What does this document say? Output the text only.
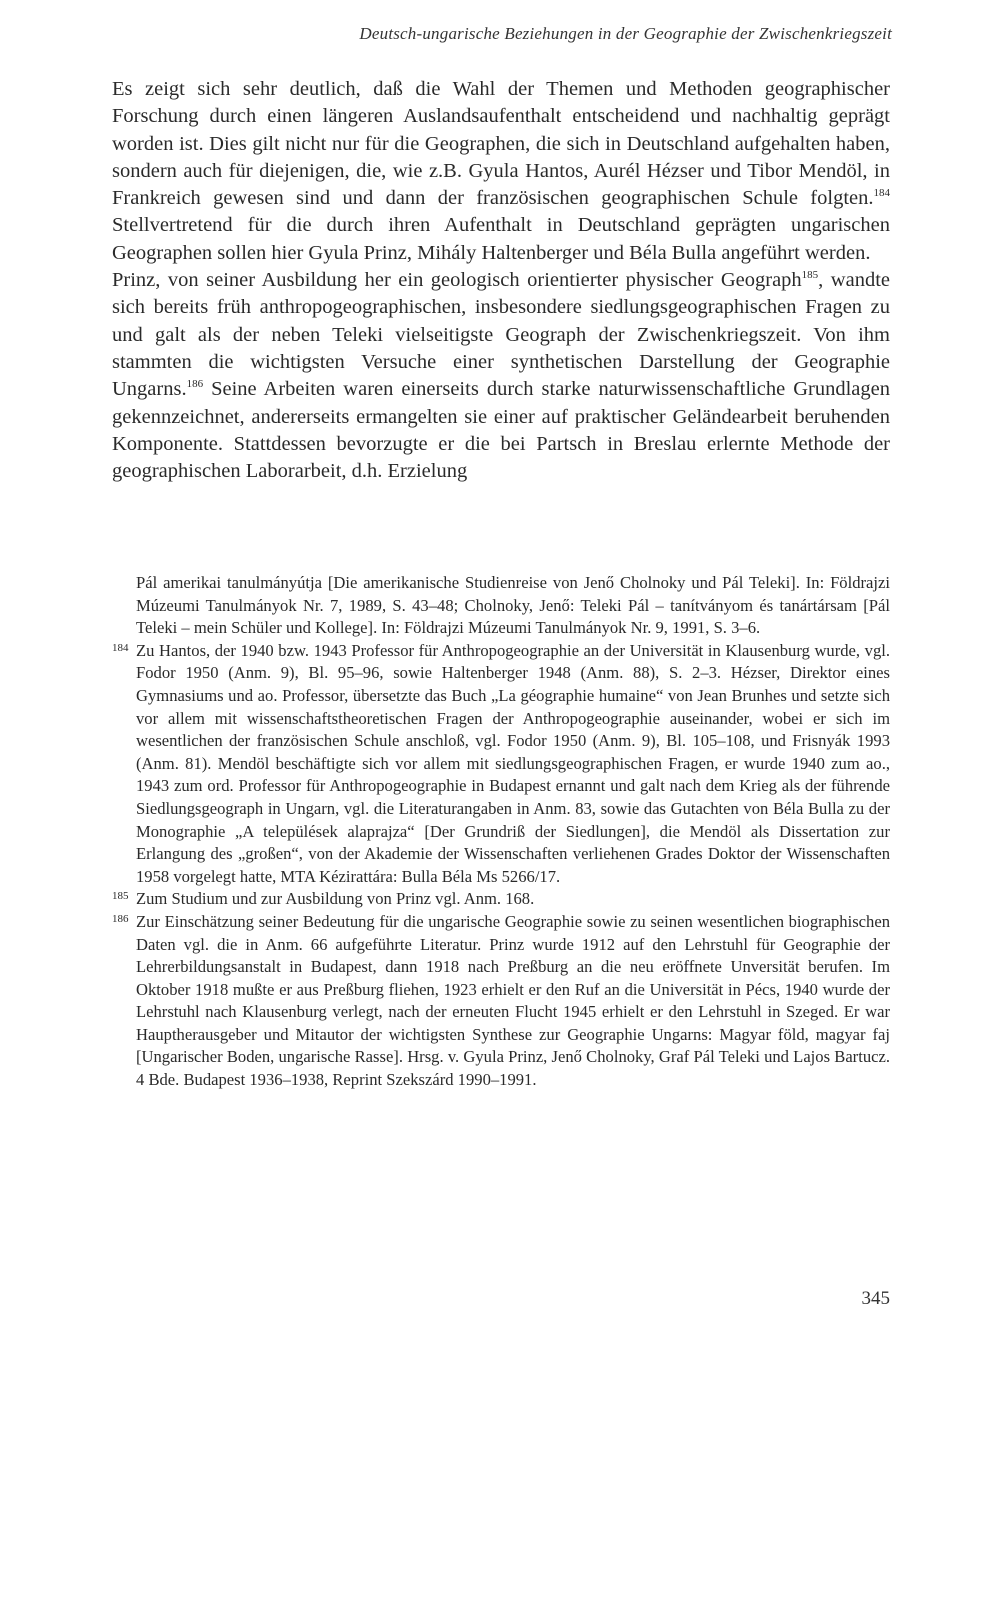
Deutsch-ungarische Beziehungen in der Geographie der Zwischenkriegszeit

Es zeigt sich sehr deutlich, daß die Wahl der Themen und Methoden geographischer Forschung durch einen längeren Auslandsaufenthalt entscheidend und nachhaltig geprägt worden ist. Dies gilt nicht nur für die Geographen, die sich in Deutschland aufgehalten haben, sondern auch für diejenigen, die, wie z.B. Gyula Hantos, Aurél Hézser und Tibor Mendöl, in Frankreich gewesen sind und dann der französischen geographischen Schule folgten.$^{184}$ Stellvertretend für die durch ihren Aufenthalt in Deutschland geprägten ungarischen Geographen sollen hier Gyula Prinz, Mihály Haltenberger und Béla Bulla angeführt werden.

Prinz, von seiner Ausbildung her ein geologisch orientierter physischer Geograph$^{185}$, wandte sich bereits früh anthropogeographischen, insbesondere siedlungsgeographischen Fragen zu und galt als der neben Teleki vielseitigste Geograph der Zwischenkriegszeit. Von ihm stammten die wichtigsten Versuche einer synthetischen Darstellung der Geographie Ungarns.$^{186}$ Seine Arbeiten waren einerseits durch starke naturwissenschaftliche Grundlagen gekennzeichnet, andererseits ermangelten sie einer auf praktischer Geländearbeit beruhenden Komponente. Stattdessen bevorzugte er die bei Partsch in Breslau erlernte Methode der geographischen Laborarbeit, d.h. Erzielung

Pál amerikai tanulmányútja [Die amerikanische Studienreise von Jenő Cholnoky und Pál Teleki]. In: Földrajzi Múzeumi Tanulmányok Nr. 7, 1989, S. 43–48; Cholnoky, Jenő: Teleki Pál – tanítványom és tanártársam [Pál Teleki – mein Schüler und Kollege]. In: Földrajzi Múzeumi Tanulmányok Nr. 9, 1991, S. 3–6.

184 Zu Hantos, der 1940 bzw. 1943 Professor für Anthropogeographie an der Universität in Klausenburg wurde, vgl. Fodor 1950 (Anm. 9), Bl. 95–96, sowie Haltenberger 1948 (Anm. 88), S. 2–3. Hézser, Direktor eines Gymnasiums und ao. Professor, übersetzte das Buch „La géographie humaine“ von Jean Brunhes und setzte sich vor allem mit wissenschaftstheoretischen Fragen der Anthropogeographie auseinander, wobei er sich im wesentlichen der französischen Schule anschloß, vgl. Fodor 1950 (Anm. 9), Bl. 105–108, und Frisnyák 1993 (Anm. 81). Mendöl beschäftigte sich vor allem mit siedlungsgeographischen Fragen, er wurde 1940 zum ao., 1943 zum ord. Professor für Anthropogeographie in Budapest ernannt und galt nach dem Krieg als der führende Siedlungsgeograph in Ungarn, vgl. die Literaturangaben in Anm. 83, sowie das Gutachten von Béla Bulla zu der Monographie „A települések alaprajza“ [Der Grundriß der Siedlungen], die Mendöl als Dissertation zur Erlangung des „großen“, von der Akademie der Wissenschaften verliehenen Grades Doktor der Wissenschaften 1958 vorgelegt hatte, MTA Kézirattára: Bulla Béla Ms 5266/17.

185 Zum Studium und zur Ausbildung von Prinz vgl. Anm. 168.

186 Zur Einschätzung seiner Bedeutung für die ungarische Geographie sowie zu seinen wesentlichen biographischen Daten vgl. die in Anm. 66 aufgeführte Literatur. Prinz wurde 1912 auf den Lehrstuhl für Geographie der Lehrerbildungsanstalt in Budapest, dann 1918 nach Preßburg an die neu eröffnete Unversität berufen. Im Oktober 1918 mußte er aus Preßburg fliehen, 1923 erhielt er den Ruf an die Universität in Pécs, 1940 wurde der Lehrstuhl nach Klausenburg verlegt, nach der erneuten Flucht 1945 erhielt er den Lehrstuhl in Szeged. Er war Hauptherausgeber und Mitautor der wichtigsten Synthese zur Geographie Ungarns: Magyar föld, magyar faj [Ungarischer Boden, ungarische Rasse]. Hrsg. v. Gyula Prinz, Jenő Cholnoky, Graf Pál Teleki und Lajos Bartucz. 4 Bde. Budapest 1936–1938, Reprint Szekszárd 1990–1991.

345
